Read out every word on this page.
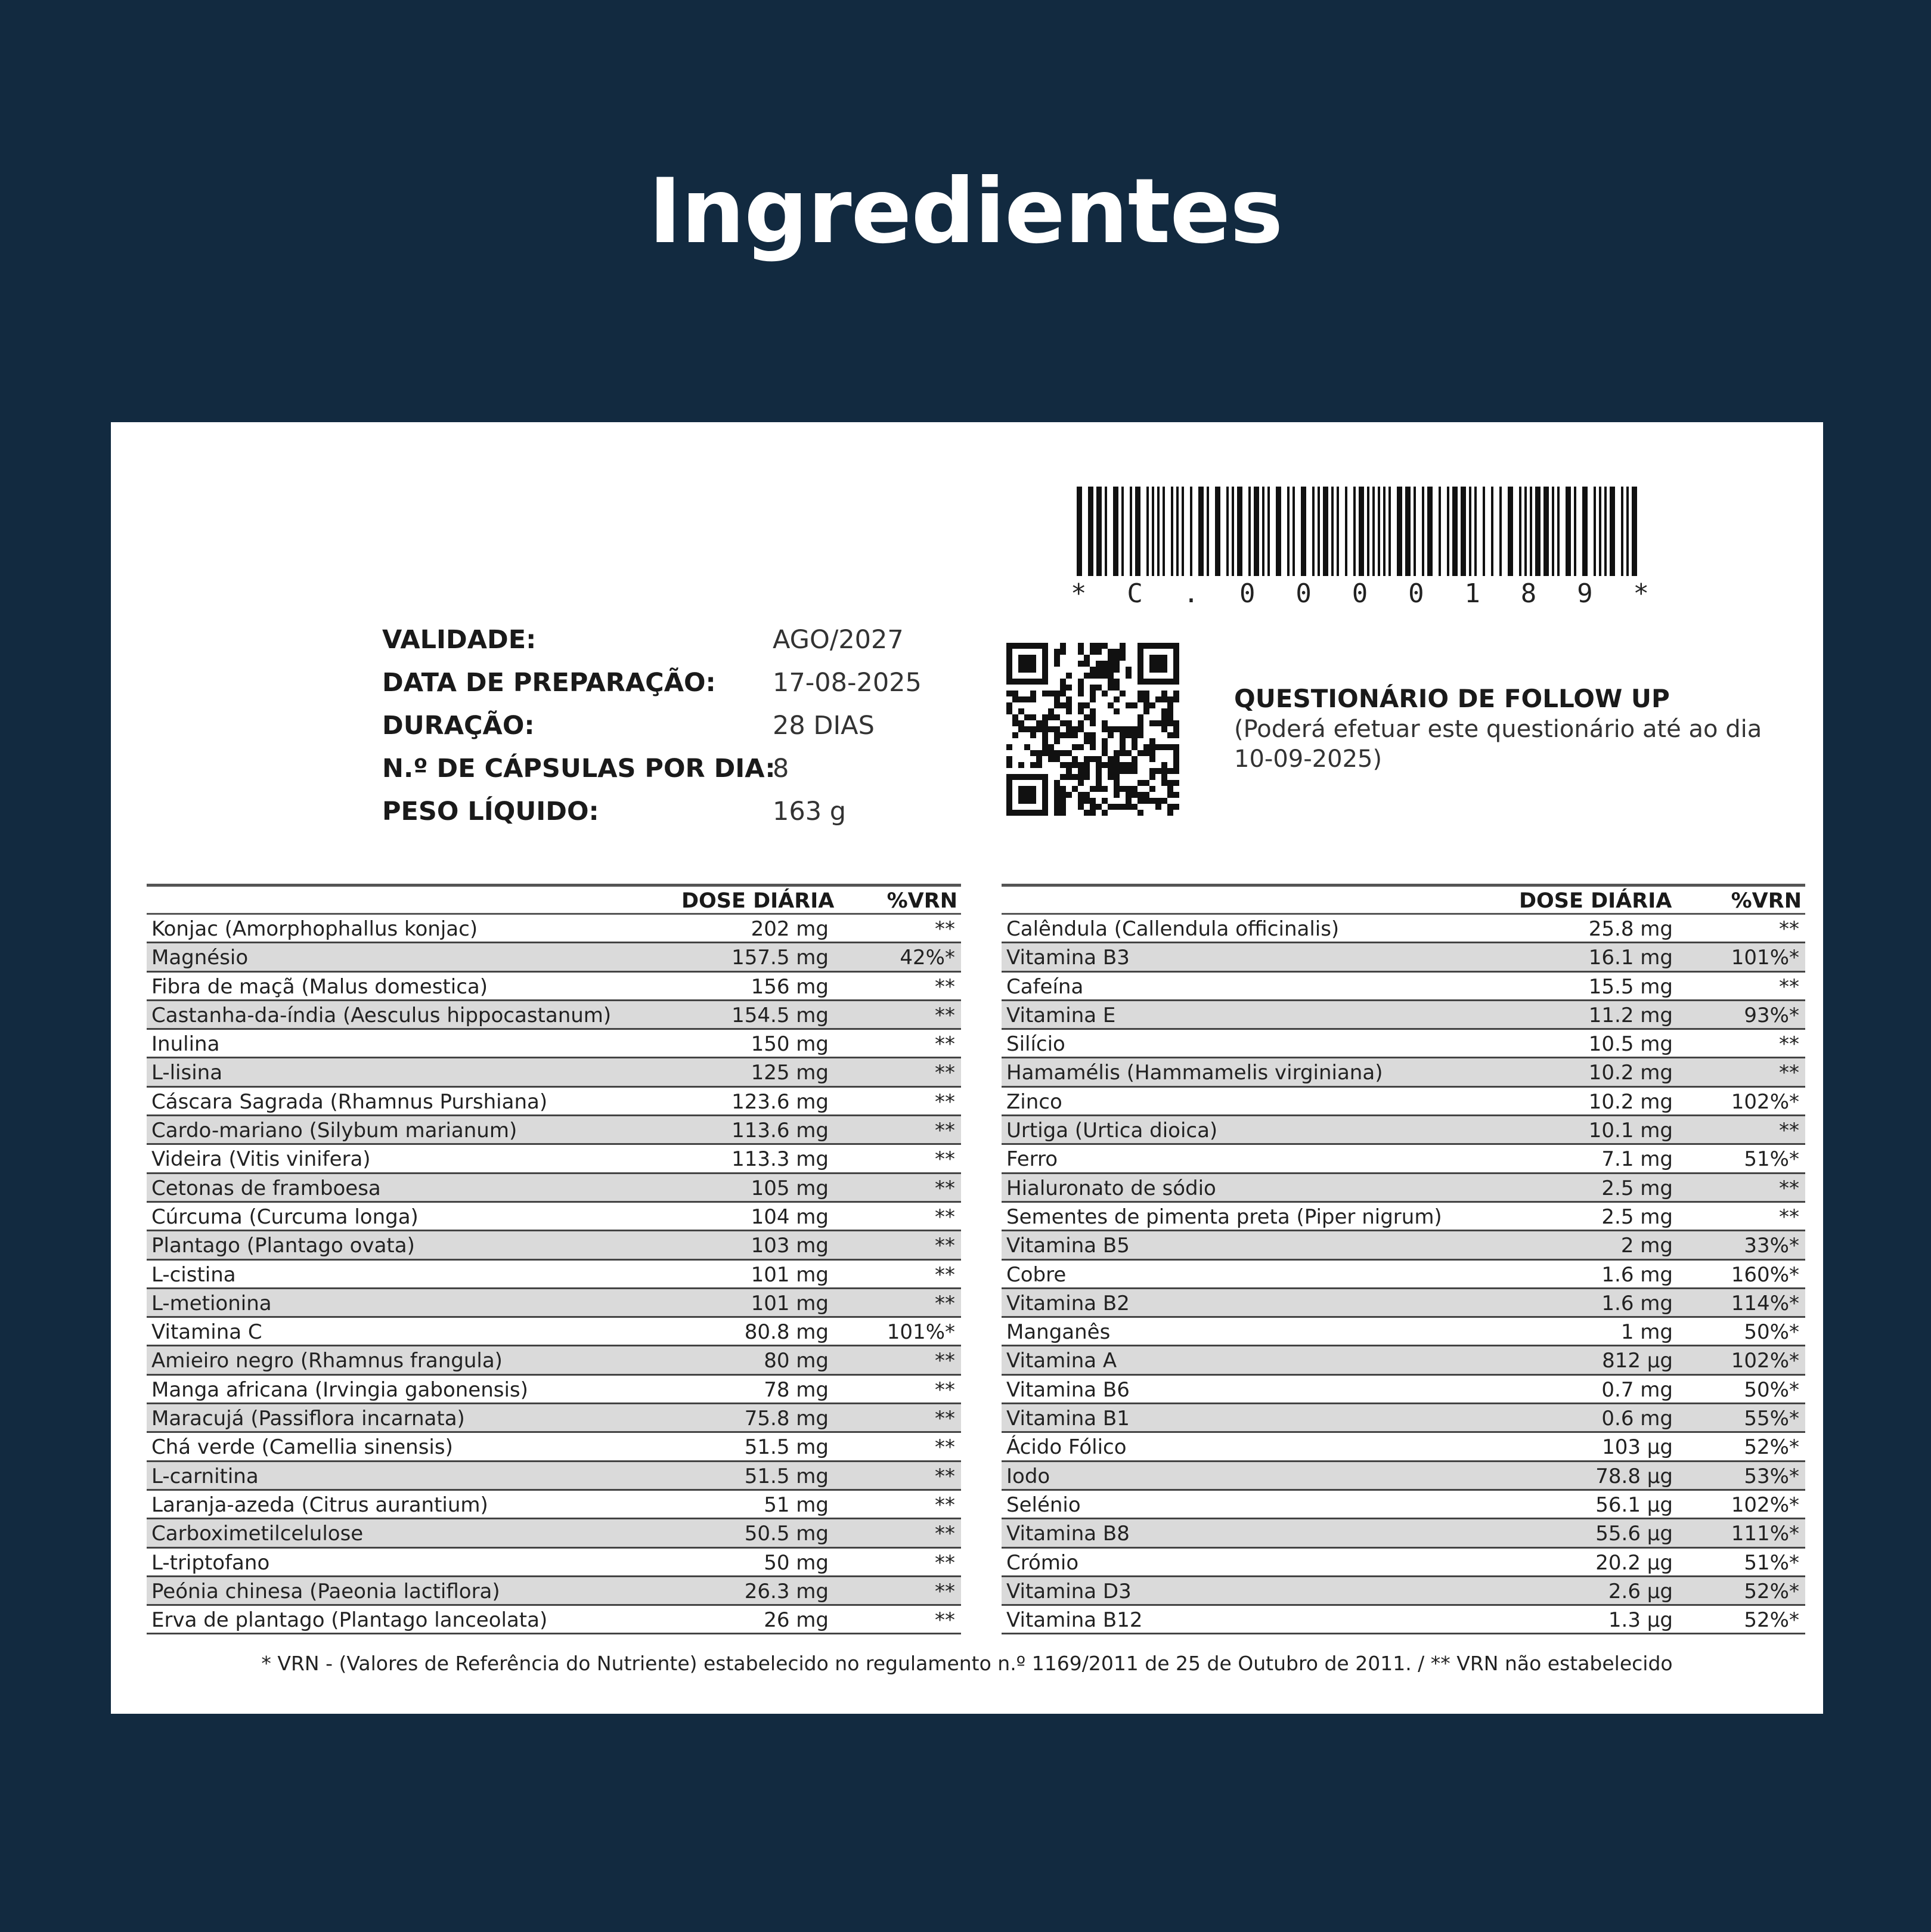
Ingredientes
* C . 0 0 0 0 1 8 9 *
VALIDADE:	AGO/2027
DATA DE PREPARAÇÃO: 17-08-2025
DURAÇÃO:	28 DIAS
N.º DE CÁPSULAS POR DIA:
8
PESO LÍQUIDO:	163 g
QUESTIONÁRIO DE FOLLOW UP
(Poderá efetuar este questionário até ao dia 10-09-2025)
DOSE DIÁRIA	%VRN
Konjac (Amorphophallus konjac)	202 mg	**
Magnésio	157.5 mg	42%*
Fibra de maçã (Malus domestica)	156 mg	**
Castanha-da-índia (Aesculus hippocastanum)	154.5 mg	**
Inulina	150 mg	**
L-lisina	125 mg	**
Cáscara Sagrada (Rhamnus Purshiana)	123.6 mg	**
Cardo-mariano (Silybum marianum)	113.6 mg	**
Videira (Vitis vinifera)	113.3 mg	**
Cetonas de framboesa	105 mg	**
Cúrcuma (Curcuma longa)	104 mg	**
Plantago (Plantago ovata)	103 mg	**
L-cistina	101 mg	**
L-metionina	101 mg	**
Vitamina C	80.8 mg	101%*
Amieiro negro (Rhamnus frangula)	80 mg	**
Manga africana (Irvingia gabonensis)	78 mg	**
Maracujá (Passiflora incarnata)	75.8 mg	**
Chá verde (Camellia sinensis)	51.5 mg	**
L-carnitina	51.5 mg	**
Laranja-azeda (Citrus aurantium)	51 mg	**
Carboximetilcelulose	50.5 mg	**
L-triptofano	50 mg	**
Peónia chinesa (Paeonia lactiflora)	26.3 mg	**
Erva de plantago (Plantago lanceolata)	26 mg	**
DOSE DIÁRIA	%VRN
Calêndula (Callendula officinalis)	25.8 mg	**
Vitamina B3	16.1 mg	101%*
Cafeína	15.5 mg	**
Vitamina E	11.2 mg	93%*
Silício	10.5 mg	**
Hamamélis (Hammamelis virginiana)	10.2 mg	**
Zinco	10.2 mg	102%*
Urtiga (Urtica dioica)	10.1 mg	**
Ferro	7.1 mg	51%*
Hialuronato de sódio	2.5 mg	**
Sementes de pimenta preta (Piper nigrum)	2.5 mg	**
Vitamina B5	2 mg	33%*
Cobre	1.6 mg	160%*
Vitamina B2	1.6 mg	114%*
Manganês	1 mg	50%*
Vitamina A	812 µg	102%*
Vitamina B6	0.7 mg	50%*
Vitamina B1	0.6 mg	55%*
Ácido Fólico	103 µg	52%*
Iodo	78.8 µg	53%*
Selénio	56.1 µg	102%*
Vitamina B8	55.6 µg	111%*
Crómio	20.2 µg	51%*
Vitamina D3	2.6 µg	52%*
Vitamina B12	1.3 µg	52%*
* VRN - (Valores de Referência do Nutriente) estabelecido no regulamento n.º 1169/2011 de 25 de Outubro de 2011. / ** VRN não estabelecido
